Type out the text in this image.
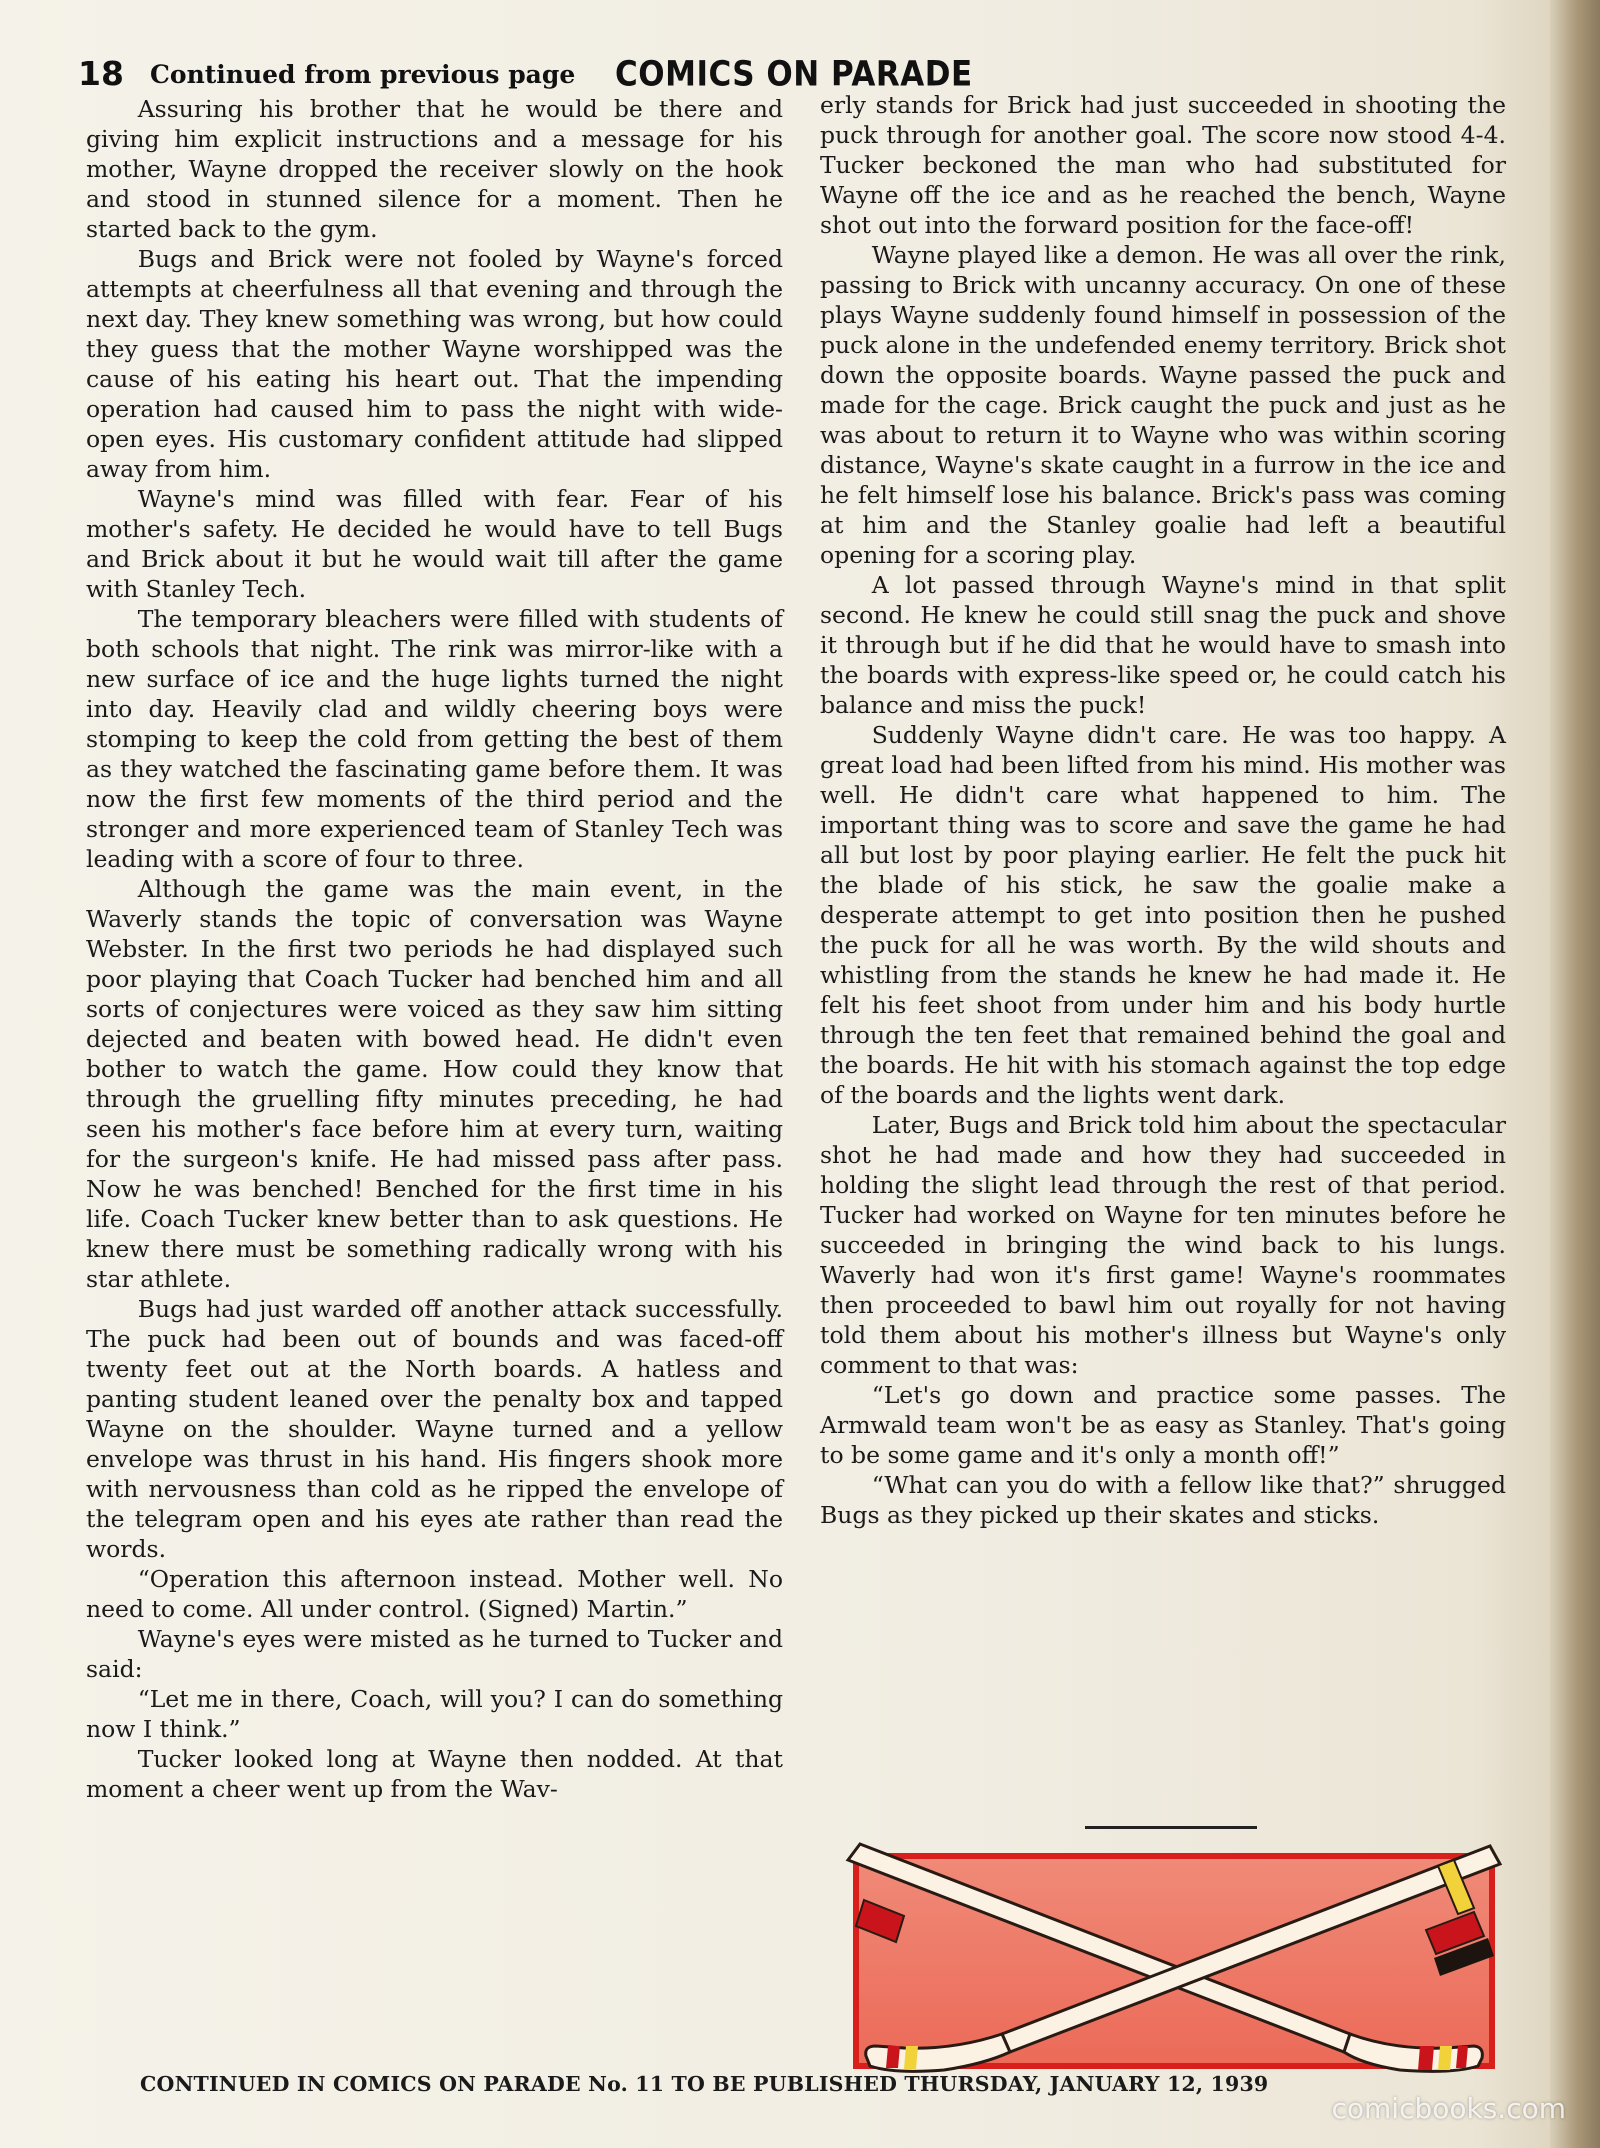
18 Continued from previous page COMICS ON PARADE

Assuring his brother that he would be there and giving him explicit instructions and a message for his mother, Wayne dropped the receiver slowly on the hook and stood in stunned silence for a moment. Then he started back to the gym.

Bugs and Brick were not fooled by Wayne's forced attempts at cheerfulness all that evening and through the next day. They knew something was wrong, but how could they guess that the mother Wayne worshipped was the cause of his eating his heart out. That the impending operation had caused him to pass the night with wide-open eyes. His customary confident attitude had slipped away from him.

Wayne's mind was filled with fear. Fear of his mother's safety. He decided he would have to tell Bugs and Brick about it but he would wait till after the game with Stanley Tech.

The temporary bleachers were filled with students of both schools that night. The rink was mirror-like with a new surface of ice and the huge lights turned the night into day. Heavily clad and wildly cheering boys were stomping to keep the cold from getting the best of them as they watched the fascinating game before them. It was now the first few moments of the third period and the stronger and more experienced team of Stanley Tech was leading with a score of four to three.

Although the game was the main event, in the Waverly stands the topic of conversation was Wayne Webster. In the first two periods he had displayed such poor playing that Coach Tucker had benched him and all sorts of conjectures were voiced as they saw him sitting dejected and beaten with bowed head. He didn't even bother to watch the game. How could they know that through the gruelling fifty minutes preceding, he had seen his mother's face before him at every turn, waiting for the surgeon's knife. He had missed pass after pass. Now he was benched! Benched for the first time in his life. Coach Tucker knew better than to ask questions. He knew there must be something radically wrong with his star athlete.

Bugs had just warded off another attack successfully. The puck had been out of bounds and was faced-off twenty feet out at the North boards. A hatless and panting student leaned over the penalty box and tapped Wayne on the shoulder. Wayne turned and a yellow envelope was thrust in his hand. His fingers shook more with nervousness than cold as he ripped the envelope of the telegram open and his eyes ate rather than read the words.

“Operation this afternoon instead. Mother well. No need to come. All under control. (Signed) Martin.”

Wayne's eyes were misted as he turned to Tucker and said:

“Let me in there, Coach, will you? I can do something now I think.”

Tucker looked long at Wayne then nodded. At that moment a cheer went up from the Wav-

erly stands for Brick had just succeeded in shooting the puck through for another goal. The score now stood 4-4. Tucker beckoned the man who had substituted for Wayne off the ice and as he reached the bench, Wayne shot out into the forward position for the face-off!

Wayne played like a demon. He was all over the rink, passing to Brick with uncanny accuracy. On one of these plays Wayne suddenly found himself in possession of the puck alone in the undefended enemy territory. Brick shot down the opposite boards. Wayne passed the puck and made for the cage. Brick caught the puck and just as he was about to return it to Wayne who was within scoring distance, Wayne's skate caught in a furrow in the ice and he felt himself lose his balance. Brick's pass was coming at him and the Stanley goalie had left a beautiful opening for a scoring play.

A lot passed through Wayne's mind in that split second. He knew he could still snag the puck and shove it through but if he did that he would have to smash into the boards with express-like speed or, he could catch his balance and miss the puck!

Suddenly Wayne didn't care. He was too happy. A great load had been lifted from his mind. His mother was well. He didn't care what happened to him. The important thing was to score and save the game he had all but lost by poor playing earlier. He felt the puck hit the blade of his stick, he saw the goalie make a desperate attempt to get into position then he pushed the puck for all he was worth. By the wild shouts and whistling from the stands he knew he had made it. He felt his feet shoot from under him and his body hurtle through the ten feet that remained behind the goal and the boards. He hit with his stomach against the top edge of the boards and the lights went dark.

Later, Bugs and Brick told him about the spectacular shot he had made and how they had succeeded in holding the slight lead through the rest of that period. Tucker had worked on Wayne for ten minutes before he succeeded in bringing the wind back to his lungs. Waverly had won it's first game! Wayne's roommates then proceeded to bawl him out royally for not having told them about his mother's illness but Wayne's only comment to that was:

“Let's go down and practice some passes. The Armwald team won't be as easy as Stanley. That's going to be some game and it's only a month off!”

“What can you do with a fellow like that?” shrugged Bugs as they picked up their skates and sticks.

CONTINUED IN COMICS ON PARADE No. 11 TO BE PUBLISHED THURSDAY, JANUARY 12, 1939
comicbooks.com
